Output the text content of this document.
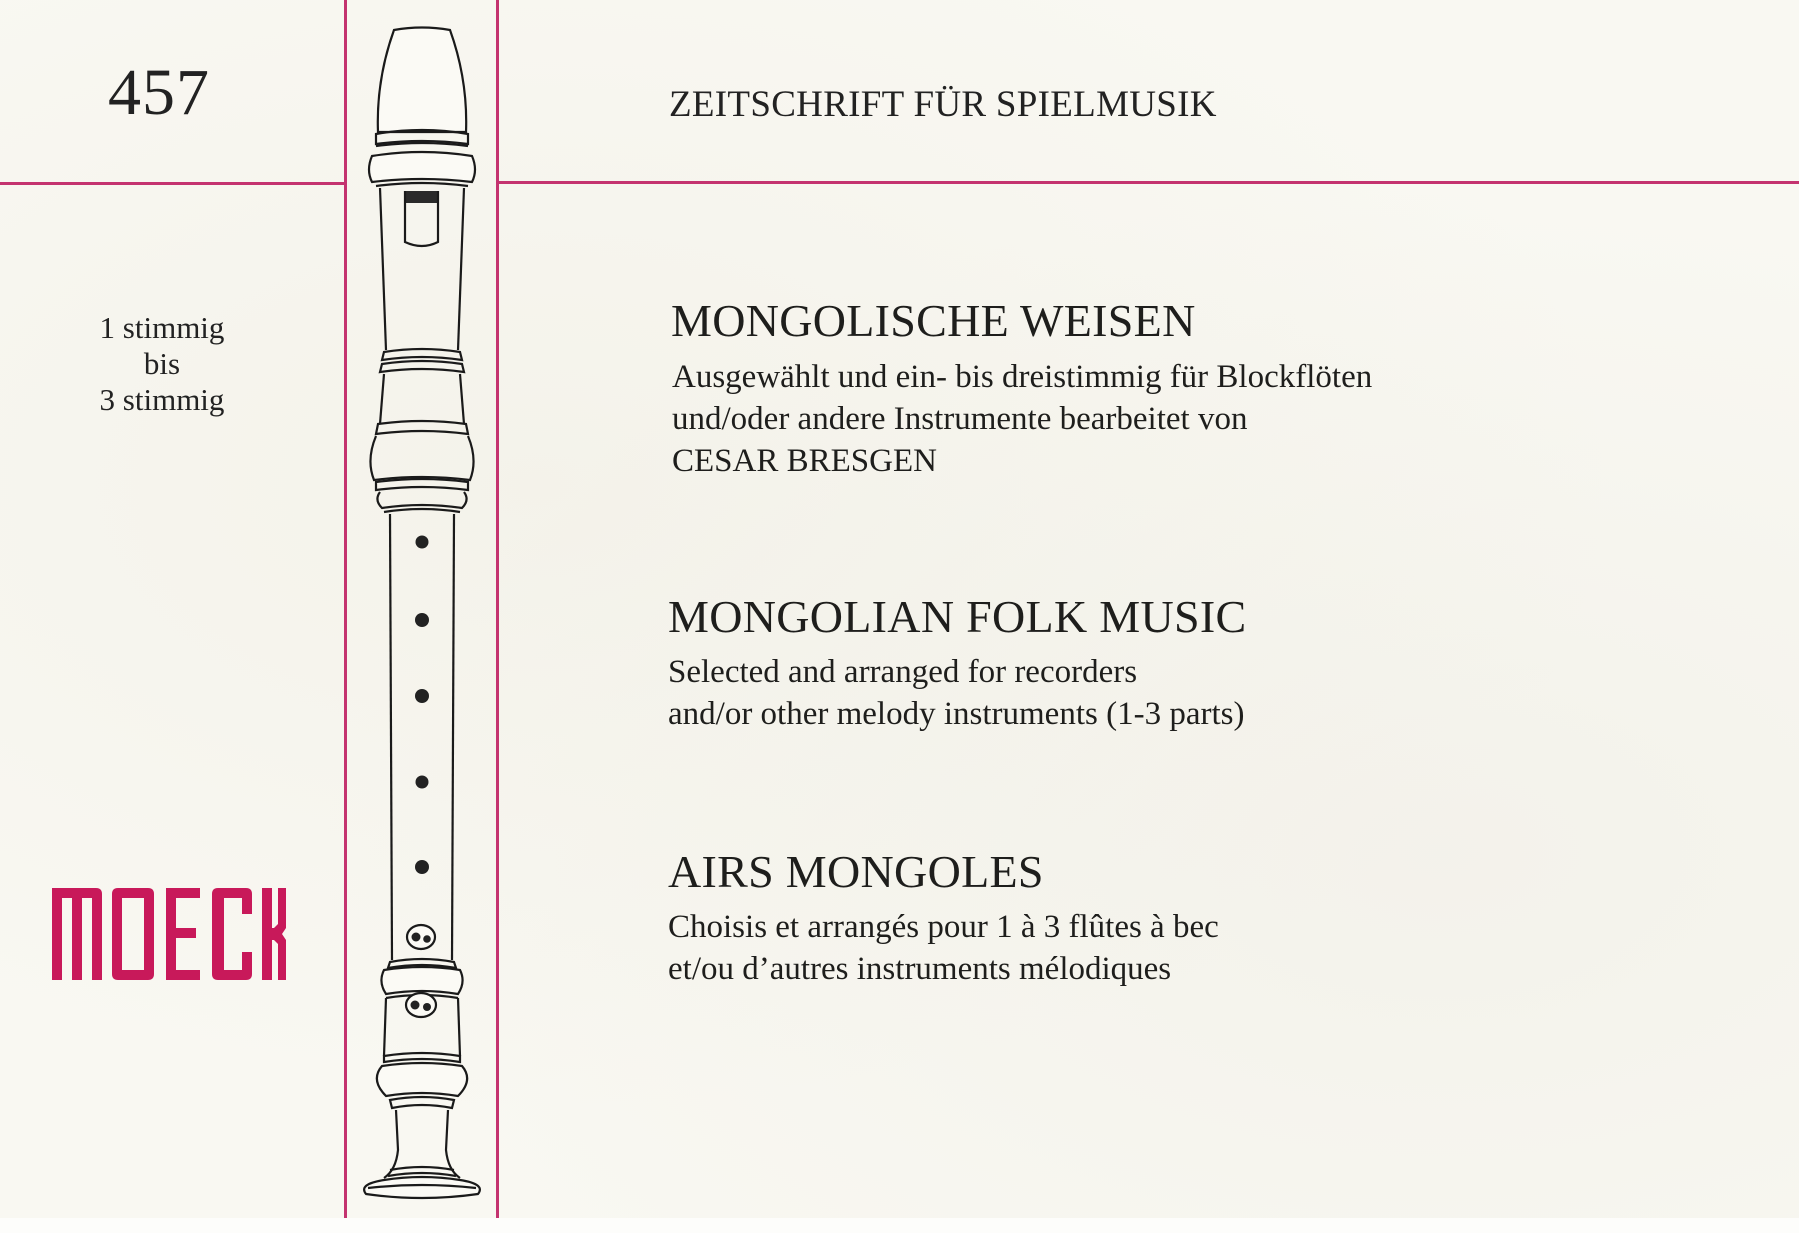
457
1 stimmig
bis
3 stimmig
ZEITSCHRIFT FÜR SPIELMUSIK
MONGOLISCHE WEISEN
Ausgewählt und ein- bis dreistimmig für Blockflöten
und/oder andere Instrumente bearbeitet von
CESAR BRESGEN
MONGOLIAN FOLK MUSIC
Selected and arranged for recorders
and/or other melody instruments (1-3 parts)
AIRS MONGOLES
Choisis et arrangés pour 1 à 3 flûtes à bec
et/ou d’autres instruments mélodiques
